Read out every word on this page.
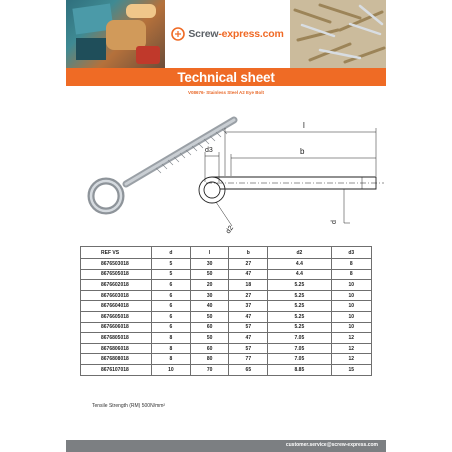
Screw-express.com
Technical sheet
V08676- Stainless Steel A2 Eye Bolt
l
b
d3
d
d2
REF VS	d	l	b	d2	d3
8676503018	5	30	27	4.4	8
8676505018	5	50	47	4.4	8
8676602018	6	20	18	5.25	10
8676603018	6	30	27	5.25	10
8676604018	6	40	37	5.25	10
8676605018	6	50	47	5.25	10
8676606018	6	60	57	5.25	10
8676805018	8	50	47	7.05	12
8676806018	8	60	57	7.05	12
8676808018	8	80	77	7.05	12
8676107018	10	70	65	8.85	15
Tensile Strength (RM) 500N/mm²
customer.service@screw-express.com
